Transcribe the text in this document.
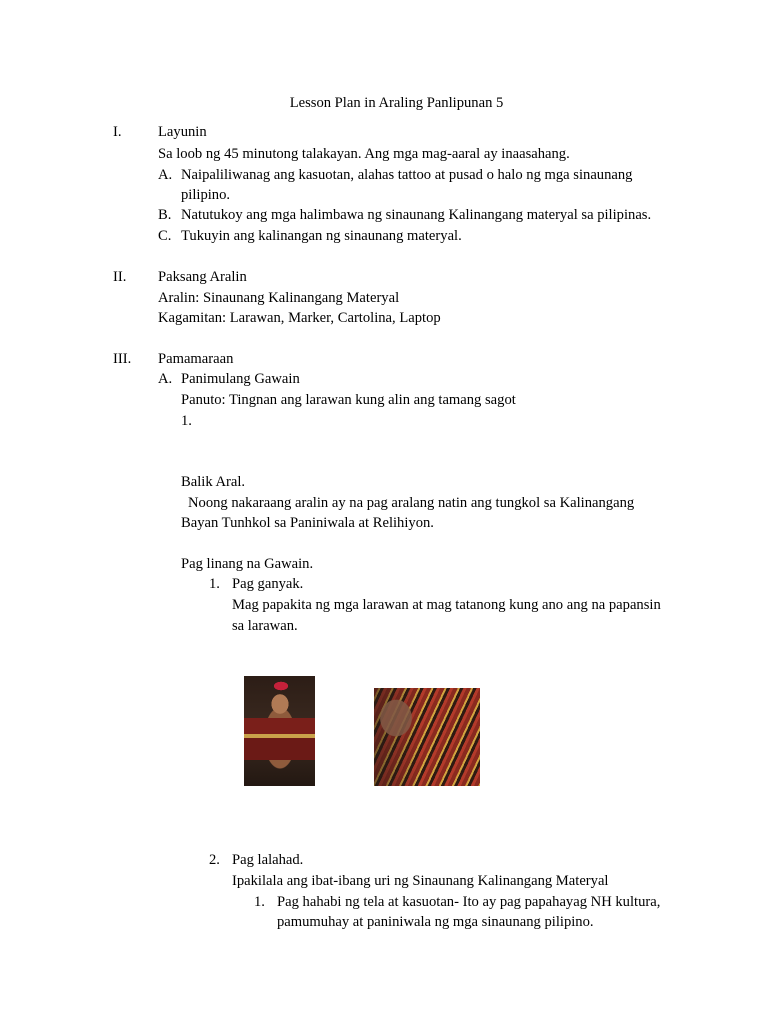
Lesson Plan in Araling Panlipunan 5
I. Layunin
Sa loob ng 45 minutong talakayan. Ang mga mag-aaral ay inaasahang.
A. Naipaliliwanag ang kasuotan, alahas tattoo at pusad o halo ng mga sinaunang
pilipino.
B. Natutukoy ang mga halimbawa ng sinaunang Kalinangang materyal sa pilipinas.
C. Tukuyin ang kalinangan ng sinaunang materyal.
II. Paksang Aralin
Aralin: Sinaunang Kalinangang Materyal
Kagamitan: Larawan, Marker, Cartolina, Laptop
III. Pamamaraan
A. Panimulang Gawain
Panuto: Tingnan ang larawan kung alin ang tamang sagot
1.
Balik Aral.
Noong nakaraang aralin ay na pag aralang natin ang tungkol sa Kalinangang
Bayan Tunhkol sa Paniniwala at Relihiyon.
Pag linang na Gawain.
1. Pag ganyak.
Mag papakita ng mga larawan at mag tatanong kung ano ang na papansin
sa larawan.
2. Pag lalahad.
Ipakilala ang ibat-ibang uri ng Sinaunang Kalinangang Materyal
1. Pag hahabi ng tela at kasuotan- Ito ay pag papahayag NH kultura,
pamumuhay at paniniwala ng mga sinaunang pilipino.
